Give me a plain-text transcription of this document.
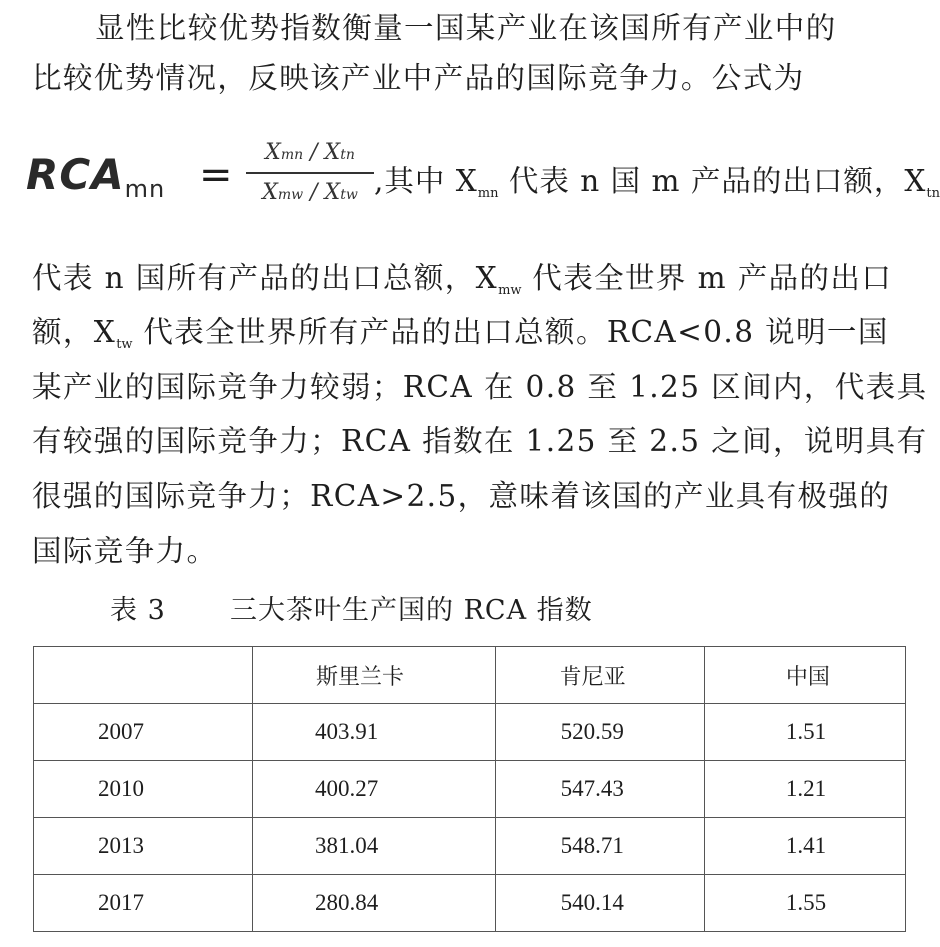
显性比较优势指数衡量一国某产业在该国所有产业中的
比较优势情况，反映该产业中产品的国际竞争力。公式为
RCAmn =	Xmn / Xtn
Xmw / Xtw ,其中 $X_{mn}$ 代表 n 国 m 产品的出口额，$X_{tn}$
代表 n 国所有产品的出口总额，$X_{mw}$ 代表全世界 m 产品的出口
额，$X_{tw}$ 代表全世界所有产品的出口总额。RCA<0.8 说明一国
某产业的国际竞争力较弱；RCA 在 0.8 至 1.25 区间内，代表具
有较强的国际竞争力；RCA 指数在 1.25 至 2.5 之间，说明具有
很强的国际竞争力；RCA>2.5，意味着该国的产业具有极强的
国际竞争力。
表 3 三大茶叶生产国的 RCA 指数

	斯里兰卡	肯尼亚	中国

2007	403.91	520.59	1.51

2010	400.27	547.43	1.21

2013	381.04	548.71	1.41

2017	280.84	540.14	1.55
